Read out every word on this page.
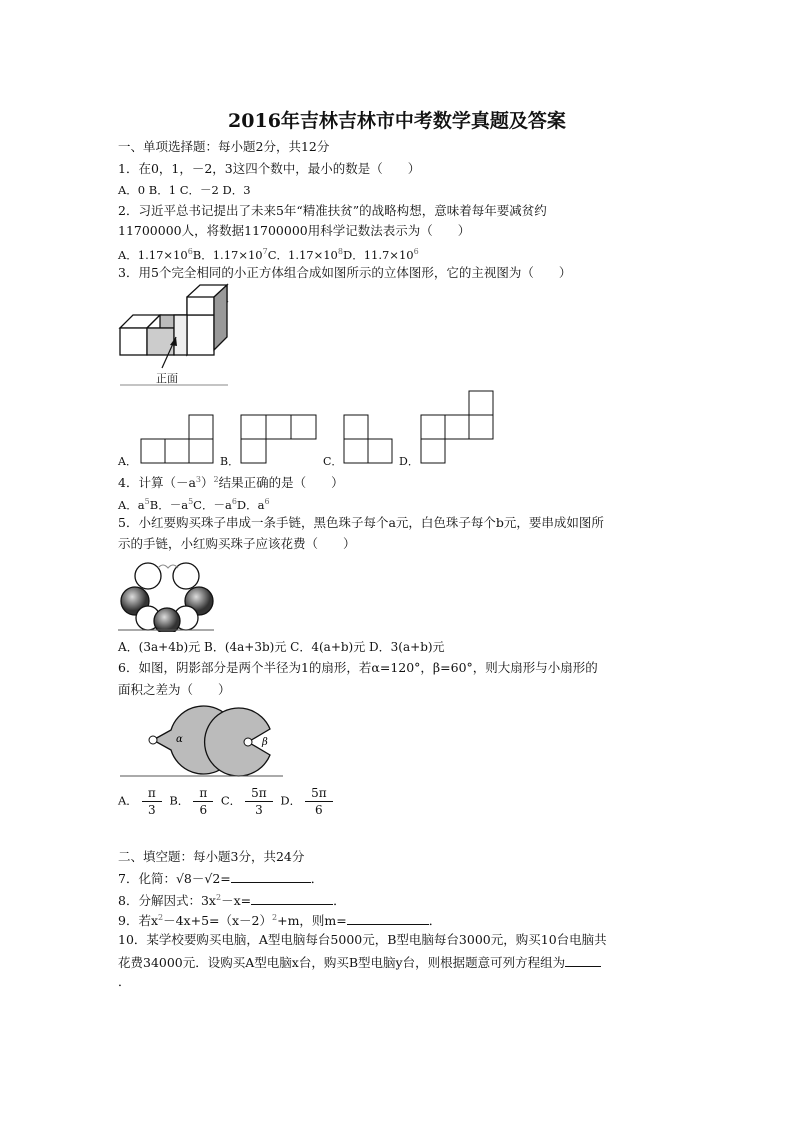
2016年吉林吉林市中考数学真题及答案
一、单项选择题：每小题2分，共12分
1．在0，1，－2，3这四个数中，最小的数是（　　）
A．0 B．1 C．－2 D．3
2．习近平总书记提出了未来5年“精准扶贫”的战略构想，意味着每年要减贫约
11700000人，将数据11700000用科学记数法表示为（　　）
A．$1.17\times 10^6B$．$1.17\times 10^7C$．$1.17\times 10^8D$．$11.7\times 10^6$
3．用5个完全相同的小正方体组合成如图所示的立体图形，它的主视图为（　　）
正面
A．	B．	C．	D．
4．计算$(-a^3)^2$结果正确的是（　　）
A．$a^5B$．$-a^5C$．$-a^6D$．$a^6$
5．小红要购买珠子串成一条手链，黑色珠子每个a元，白色珠子每个b元，要串成如图所
示的手链，小红购买珠子应该花费（　　）
A．(3a+4b)元 B．(4a+3b)元 C．4(a+b)元 D．3(a+b)元
6．如图，阴影部分是两个半径为1的扇形，若α=120°，β=60°，则大扇形与小扇形的
面积之差为（　　）
α	β
A． $\frac{\pi}{3}$ B． $\frac{\pi}{6}$ C． $\frac{5\pi}{3}$ D． $\frac{5\pi}{6}$
二、填空题：每小题3分，共24分
7．化简：√8－√2=	．
8．分解因式：$3x^2-x=$	．
9．若$x^2-4x+5=(x-2)^2+m$，则m=	．
10．某学校要购买电脑，A型电脑每台5000元，B型电脑每台3000元，购买10台电脑共
花费34000元．设购买A型电脑x台，购买B型电脑y台，则根据题意可列方程组为
．
